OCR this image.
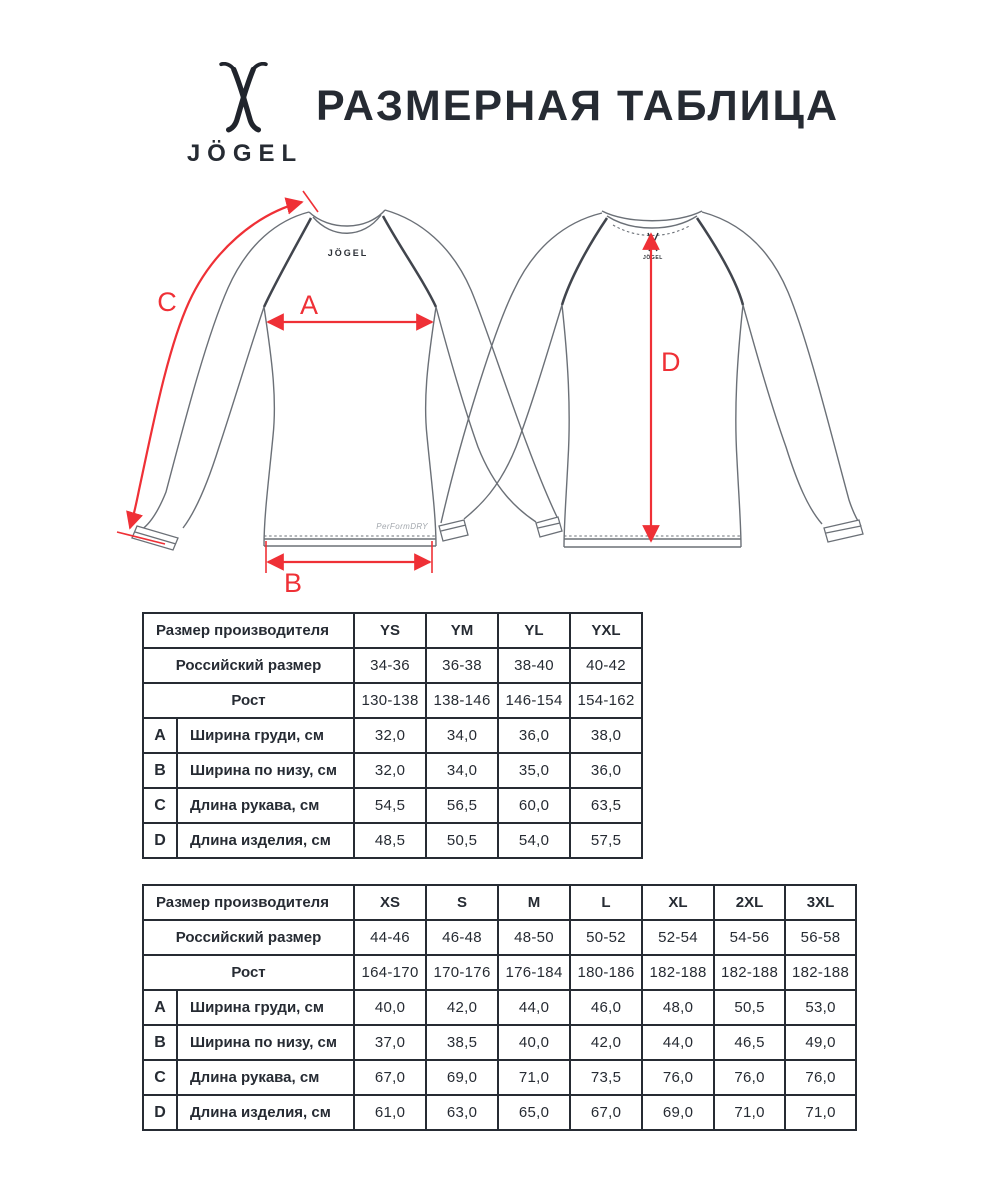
JÖGEL
РАЗМЕРНАЯ ТАБЛИЦА
JÖGEL
PerFormDRY
JÖGEL
A
B
C
D
Размер производителя		YS	YM	YL	YXL
Российский размер		34-36	36-38	38-40	40-42
Рост		130-138	138-146	146-154	154-162
A	Ширина груди, см	32,0	34,0	36,0	38,0
B	Ширина по низу, см	32,0	34,0	35,0	36,0
C	Длина рукава, см	54,5	56,5	60,0	63,5
D	Длина изделия, см	48,5	50,5	54,0	57,5
Размер производителя		XS	S	M	L	XL	2XL	3XL
Российский размер		44-46	46-48	48-50	50-52	52-54	54-56	56-58
Рост		164-170	170-176	176-184	180-186	182-188	182-188	182-188
A	Ширина груди, см	40,0	42,0	44,0	46,0	48,0	50,5	53,0
B	Ширина по низу, см	37,0	38,5	40,0	42,0	44,0	46,5	49,0
C	Длина рукава, см	67,0	69,0	71,0	73,5	76,0	76,0	76,0
D	Длина изделия, см	61,0	63,0	65,0	67,0	69,0	71,0	71,0
